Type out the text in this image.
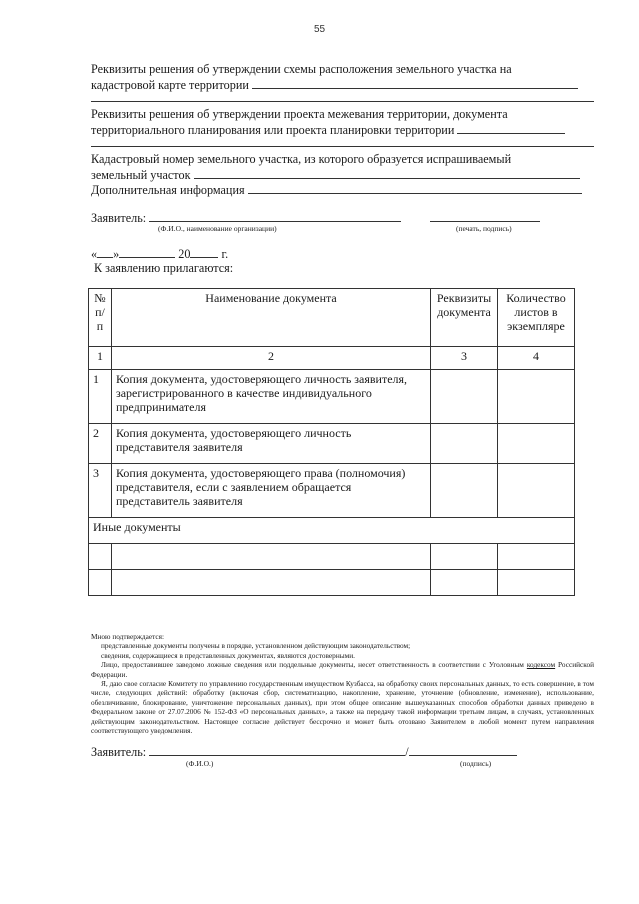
55
Реквизиты решения об утверждении схемы расположения земельного участка на
кадастровой карте территории
Реквизиты решения об утверждении проекта межевания территории, документа
территориального планирования или проекта планировки территории
Кадастровый номер земельного участка, из которого образуется испрашиваемый
земельный участок
Дополнительная информация
Заявитель:
(Ф.И.О., наименование организации)	(печать, подпись)
« »	20	г.
К заявлению прилагаются:
№ п/п	Наименование документа	Реквизиты документа	Количество листов в экземпляре
1	2	3	4
1	Копия документа, удостоверяющего личность заявителя, зарегистрированного в качестве индивидуального предпринимателя		
2	Копия документа, удостоверяющего личность представителя заявителя		
3	Копия документа, удостоверяющего права (полномочия) представителя, если с заявлением обращается представитель заявителя		
Иные документы			

Мною подтверждается:

представленные документы получены в порядке, установленном действующим законодательством;

сведения, содержащиеся в представленных документах, являются достоверными.

Лицо, предоставившее заведомо ложные сведения или поддельные документы, несет ответственность в соответствии с Уголовным кодексом Российской Федерации.

Я, даю свое согласие Комитету по управлению государственным имуществом Кузбасса, на обработку своих персональных данных, то есть совершение, в том числе, следующих действий: обработку (включая сбор, систематизацию, накопление, хранение, уточнение (обновление, изменение), использование, обезличивание, блокирование, уничтожение персональных данных), при этом общее описание вышеуказанных способов обработки данных приведено в Федеральном законе от 27.07.2006 № 152-ФЗ «О персональных данных», а также на передачу такой информации третьим лицам, в случаях, установленных действующим законодательством. Настоящее согласие действует бессрочно и может быть отозвано Заявителем в любой момент путем направления соответствующего уведомления.

Заявитель:	/
(Ф.И.О.)	(подпись)
